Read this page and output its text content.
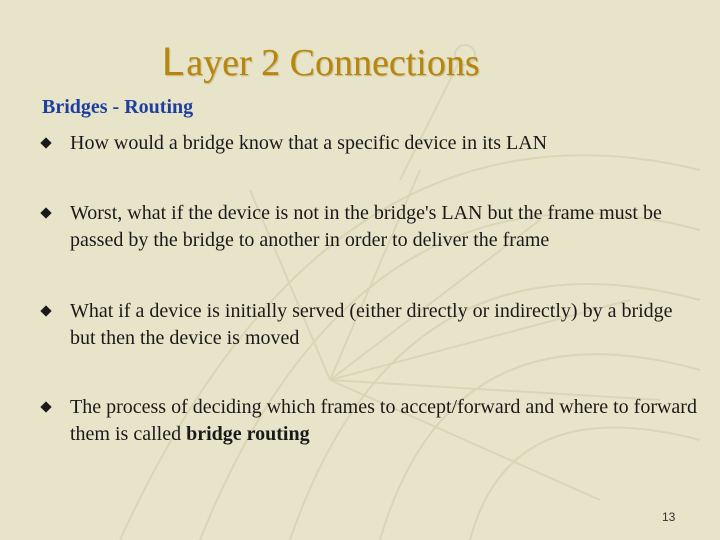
Layer 2 Connections
Bridges - Routing
How would a bridge know that a specific device in its LAN
Worst, what if the device is not in the bridge's LAN but the frame must be passed by the bridge to another in order to deliver the frame
What if a device is initially served (either directly or indirectly) by a bridge but then the device is moved
The process of deciding which frames to accept/forward and where to forward them is called bridge routing
13
